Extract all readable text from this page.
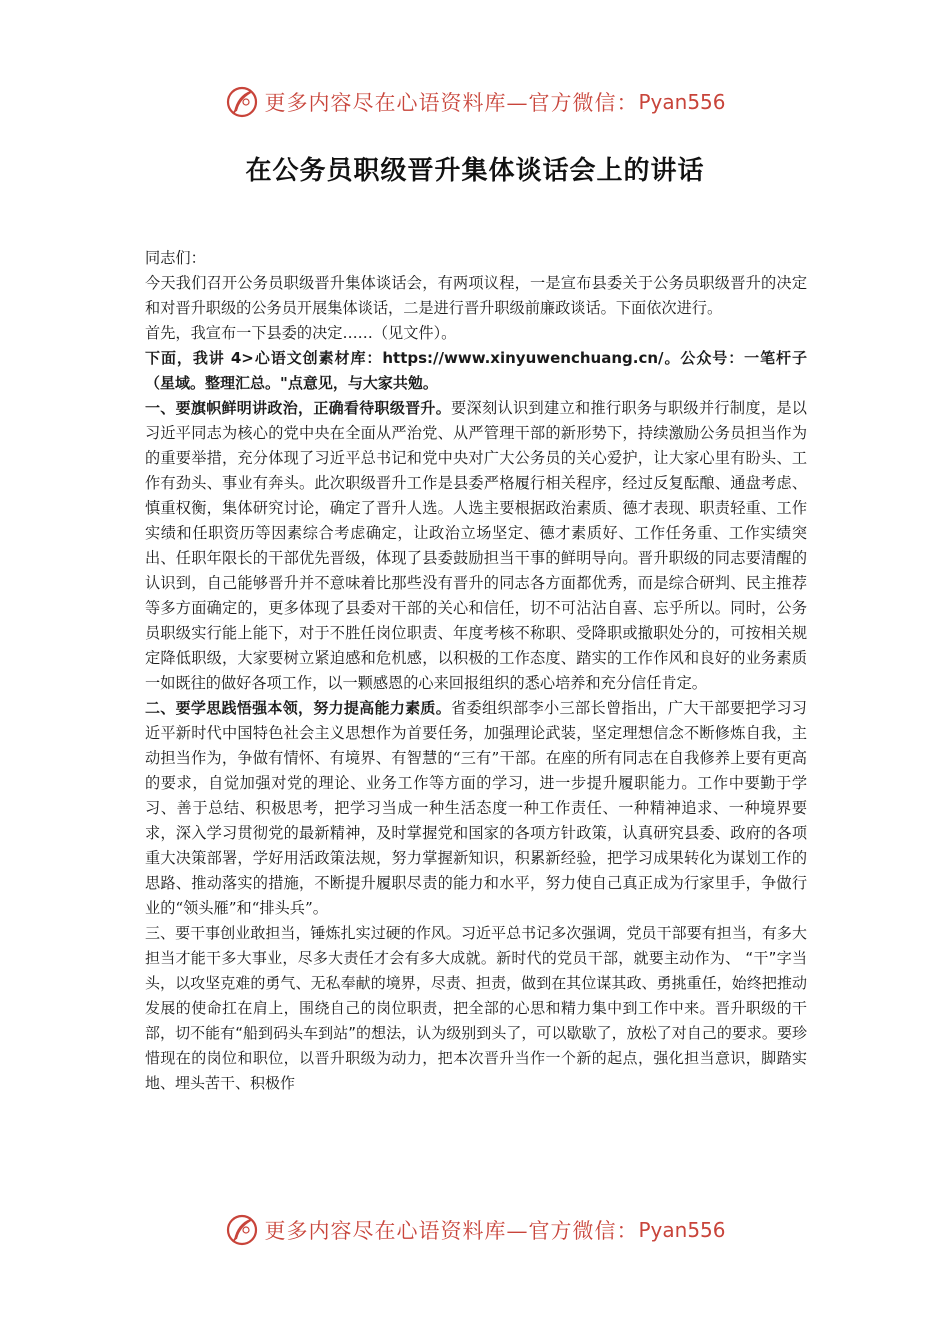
更多内容尽在心语资料库—官方微信： Pyan556
在公务员职级晋升集体谈话会上的讲话

同志们：

今天我们召开公务员职级晋升集体谈话会，有两项议程，一是宣布县委关于公务员职级晋升的决定和对晋升职级的公务员开展集体谈话，二是进行晋升职级前廉政谈话。下面依次进行。

首先，我宣布一下县委的决定……（见文件）。

下面，我讲 4>心语文创素材库：https://www.xinyuwenchuang.cn/。公众号：一笔杆子（星域。整理汇总。"点意见，与大家共勉。

一、要旗帜鲜明讲政治，正确看待职级晋升。要深刻认识到建立和推行职务与职级并行制度，是以习近平同志为核心的党中央在全面从严治党、从严管理干部的新形势下，持续激励公务员担当作为的重要举措，充分体现了习近平总书记和党中央对广大公务员的关心爱护，让大家心里有盼头、工作有劲头、事业有奔头。此次职级晋升工作是县委严格履行相关程序，经过反复酝酿、通盘考虑、慎重权衡，集体研究讨论，确定了晋升人选。人选主要根据政治素质、德才表现、职责轻重、工作实绩和任职资历等因素综合考虑确定，让政治立场坚定、德才素质好、工作任务重、工作实绩突出、任职年限长的干部优先晋级，体现了县委鼓励担当干事的鲜明导向。晋升职级的同志要清醒的认识到，自己能够晋升并不意味着比那些没有晋升的同志各方面都优秀，而是综合研判、民主推荐等多方面确定的，更多体现了县委对干部的关心和信任，切不可沾沾自喜、忘乎所以。同时，公务员职级实行能上能下，对于不胜任岗位职责、年度考核不称职、受降职或撤职处分的，可按相关规定降低职级，大家要树立紧迫感和危机感，以积极的工作态度、踏实的工作作风和良好的业务素质一如既往的做好各项工作，以一颗感恩的心来回报组织的悉心培养和充分信任肯定。

二、要学思践悟强本领，努力提高能力素质。省委组织部李小三部长曾指出，广大干部要把学习习近平新时代中国特色社会主义思想作为首要任务，加强理论武装，坚定理想信念不断修炼自我，主动担当作为，争做有情怀、有境界、有智慧的“三有”干部。在座的所有同志在自我修养上要有更高的要求，自觉加强对党的理论、业务工作等方面的学习，进一步提升履职能力。工作中要勤于学习、善于总结、积极思考，把学习当成一种生活态度一种工作责任、一种精神追求、一种境界要求，深入学习贯彻党的最新精神，及时掌握党和国家的各项方针政策，认真研究县委、政府的各项重大决策部署，学好用活政策法规，努力掌握新知识，积累新经验，把学习成果转化为谋划工作的思路、推动落实的措施，不断提升履职尽责的能力和水平，努力使自己真正成为行家里手，争做行业的“领头雁”和“排头兵”。

三、要干事创业敢担当，锤炼扎实过硬的作风。习近平总书记多次强调，党员干部要有担当，有多大担当才能干多大事业，尽多大责任才会有多大成就。新时代的党员干部，就要主动作为、 “干”字当头，以攻坚克难的勇气、无私奉献的境界，尽责、担责，做到在其位谋其政、勇挑重任，始终把推动发展的使命扛在肩上，围绕自己的岗位职责，把全部的心思和精力集中到工作中来。晋升职级的干部，切不能有“船到码头车到站”的想法，认为级别到头了，可以歇歇了，放松了对自己的要求。要珍惜现在的岗位和职位，以晋升职级为动力，把本次晋升当作一个新的起点，强化担当意识，脚踏实地、埋头苦干、积极作

更多内容尽在心语资料库—官方微信： Pyan556
